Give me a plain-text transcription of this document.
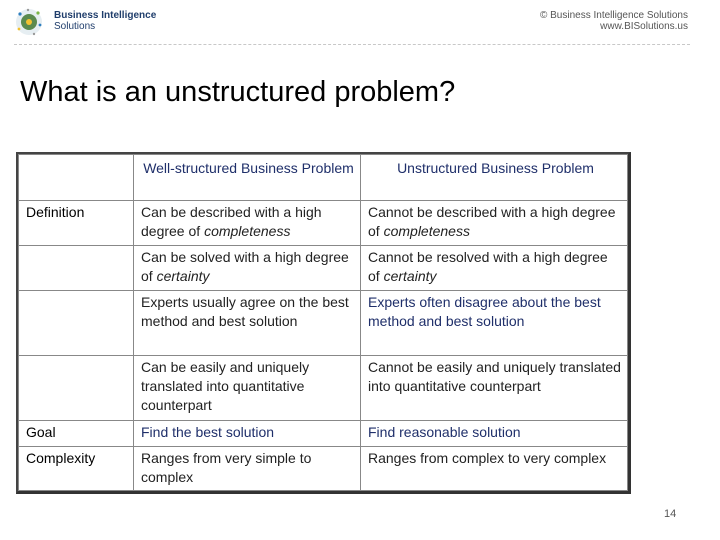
Business Intelligence
Solutions
© Business Intelligence Solutions
www.BISolutions.us
What is an unstructured problem?
	Well-structured Business Problem	Unstructured Business Problem
Definition	Can be described with a high degree of completeness	Cannot be described with a high degree of completeness
	Can be solved with a high degree of certainty	Cannot be resolved with a high degree of certainty
	Experts usually agree on the best method and best solution	Experts often disagree about the best method and best solution
	Can be easily and uniquely translated into quantitative counterpart	Cannot be easily and uniquely translated into quantitative counterpart
Goal	Find the best solution	Find reasonable solution
Complexity	Ranges from very simple to complex	Ranges from complex to very complex
14
